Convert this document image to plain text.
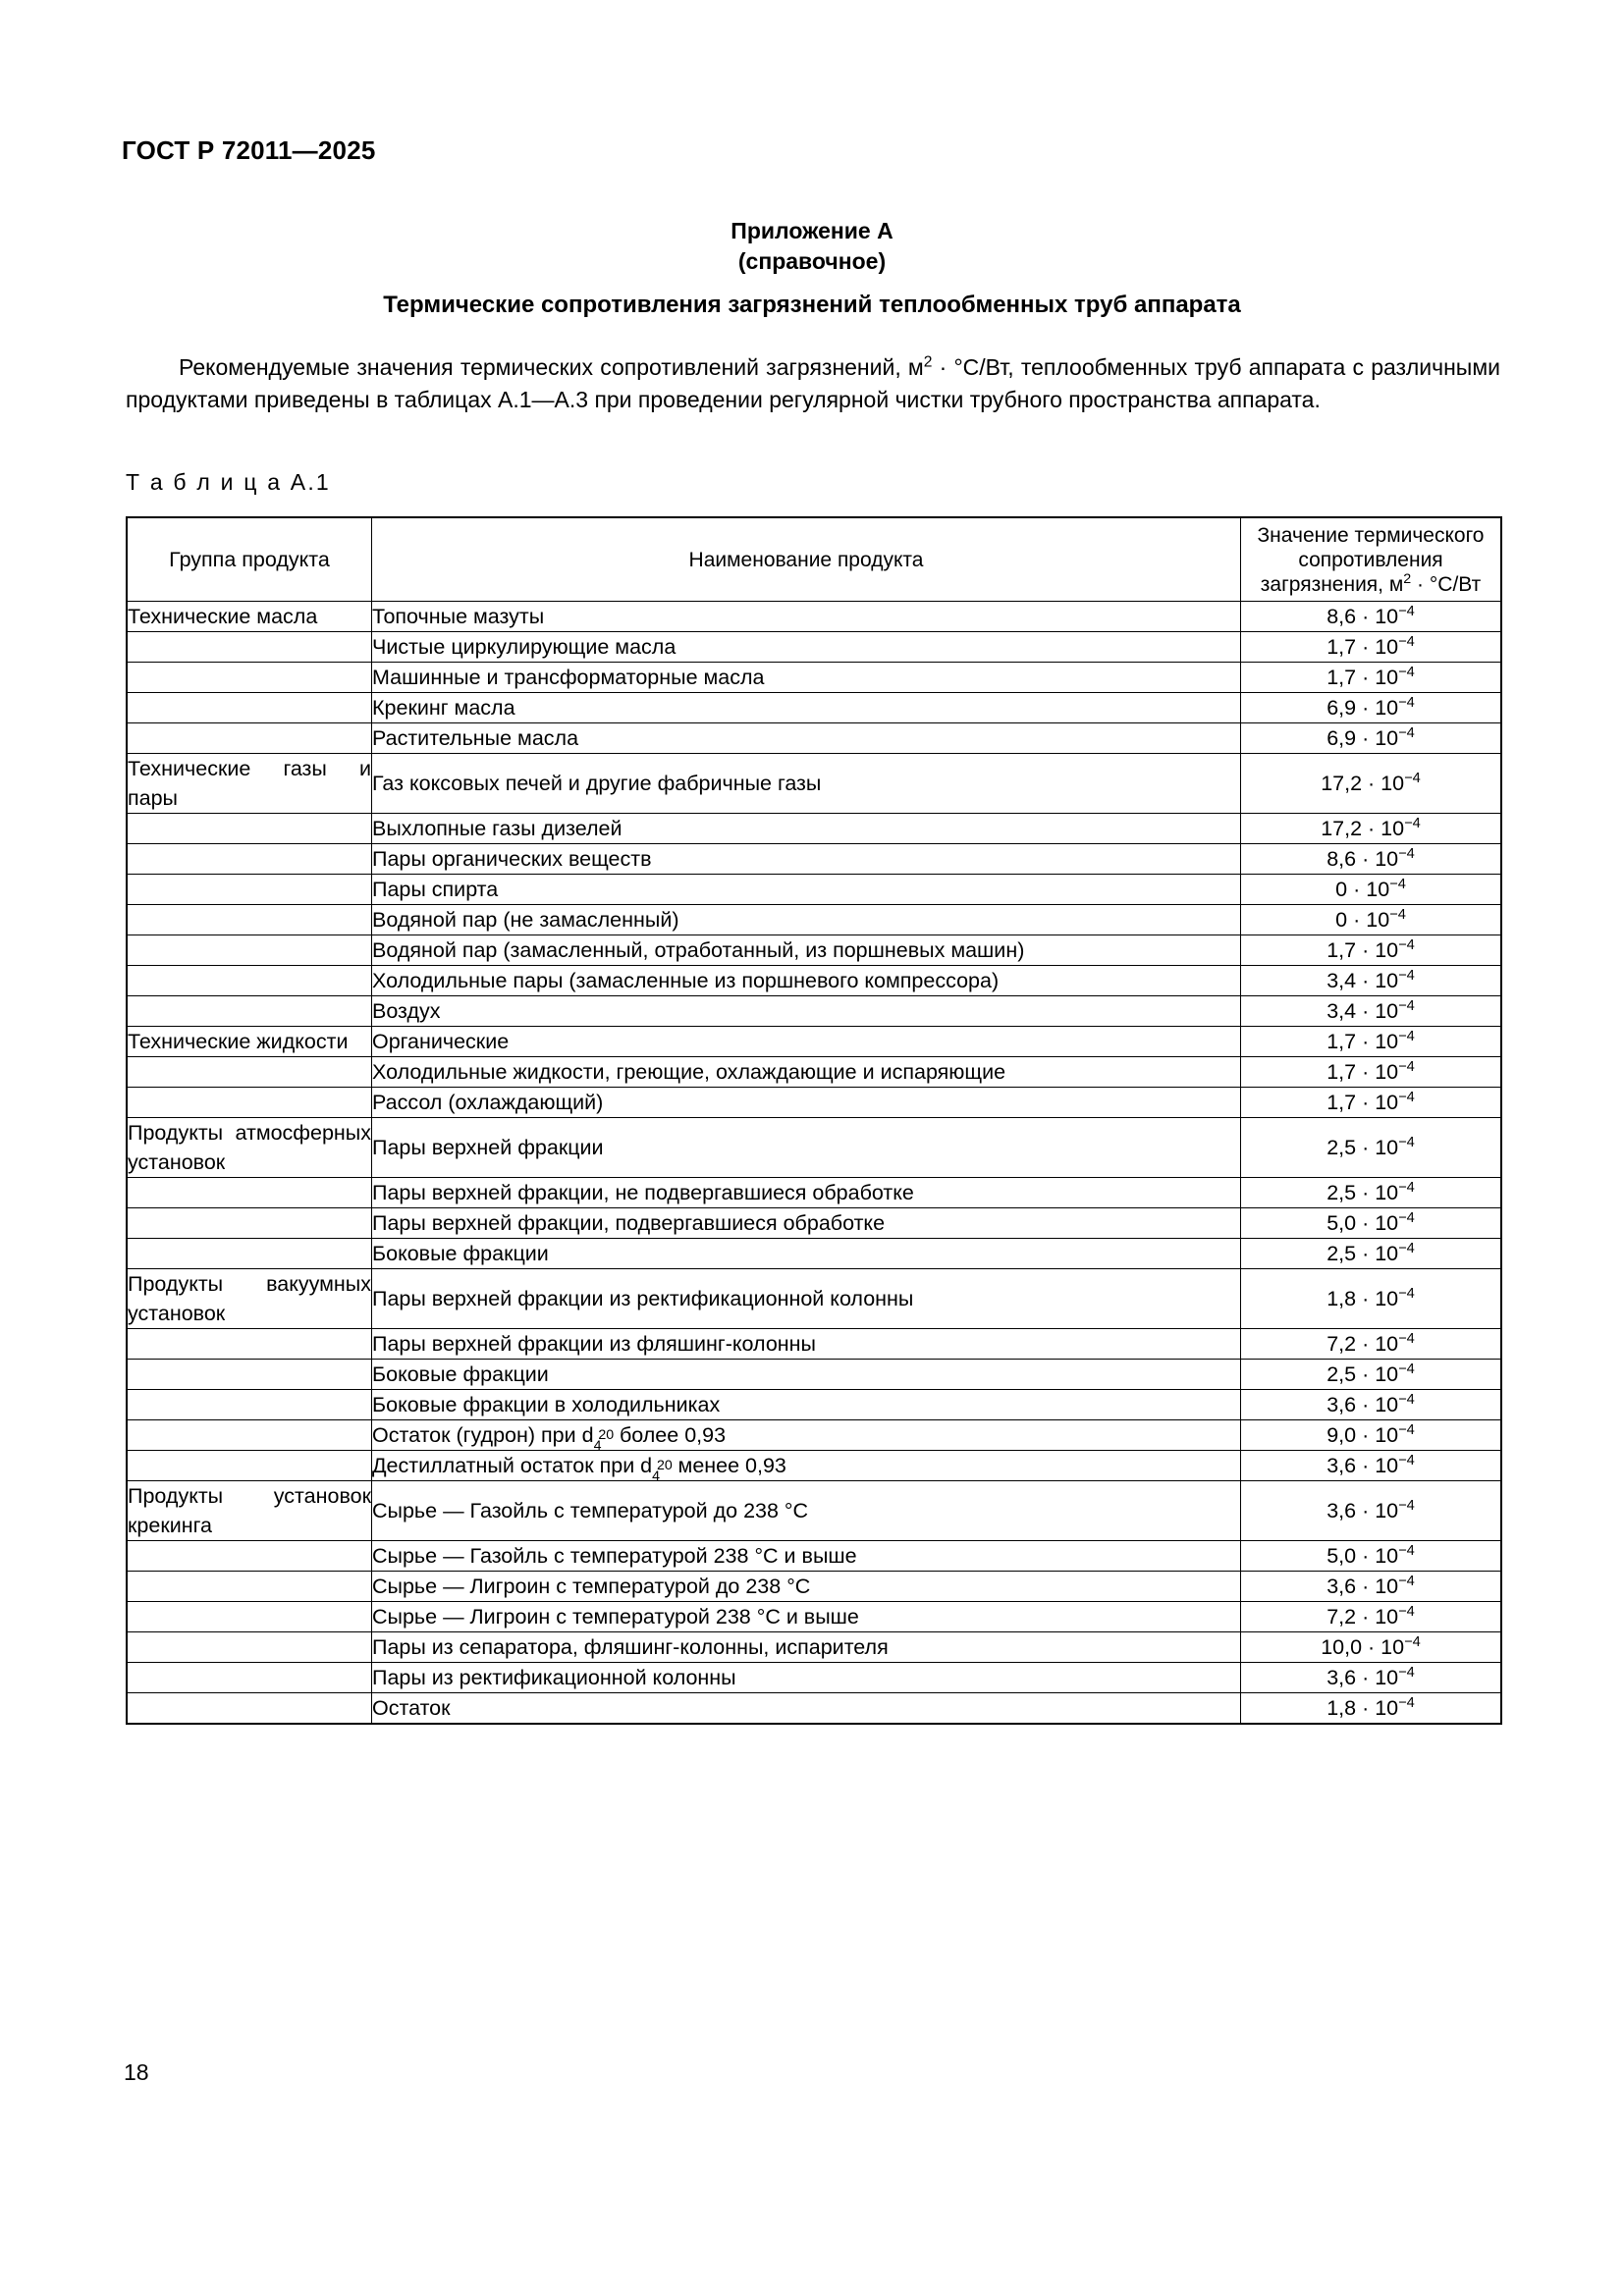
ГОСТ Р 72011—2025
Приложение А
(справочное)
Термические сопротивления загрязнений теплообменных труб аппарата
Рекомендуемые значения термических сопротивлений загрязнений, $м^2 \cdot ^\circ С/Вт$, теплообменных труб аппарата с различными продуктами приведены в таблицах А.1—А.3 при проведении регулярной чистки трубного пространства аппарата.
Т а б л и ц а А.1
Группа продукта	Наименование продукта	Значение термического
сопротивления
загрязнения, $м^2 \cdot ^\circ С/Вт$
Технические масла	Топочные мазуты	$8,6 \cdot 10^{-4}$
	Чистые циркулирующие масла	$1,7 \cdot 10^{-4}$
	Машинные и трансформаторные масла	$1,7 \cdot 10^{-4}$
	Крекинг масла	$6,9 \cdot 10^{-4}$
	Растительные масла	$6,9 \cdot 10^{-4}$
Технические газы и пары	Газ коксовых печей и другие фабричные газы	$17,2 \cdot 10^{-4}$
	Выхлопные газы дизелей	$17,2 \cdot 10^{-4}$
	Пары органических веществ	$8,6 \cdot 10^{-4}$
	Пары спирта	$0 \cdot 10^{-4}$
	Водяной пар (не замасленный)	$0 \cdot 10^{-4}$
	Водяной пар (замасленный, отработанный, из поршневых машин)	$1,7 \cdot 10^{-4}$
	Холодильные пары (замасленные из поршневого компрессора)	$3,4 \cdot 10^{-4}$
	Воздух	$3,4 \cdot 10^{-4}$
Технические жидкости	Органические	$1,7 \cdot 10^{-4}$
	Холодильные жидкости, греющие, охлаждающие и испаряющие	$1,7 \cdot 10^{-4}$
	Рассол (охлаждающий)	$1,7 \cdot 10^{-4}$
Продукты атмосферных установок	Пары верхней фракции	$2,5 \cdot 10^{-4}$
	Пары верхней фракции, не подвергавшиеся обработке	$2,5 \cdot 10^{-4}$
	Пары верхней фракции, подвергавшиеся обработке	$5,0 \cdot 10^{-4}$
	Боковые фракции	$2,5 \cdot 10^{-4}$
Продукты вакуумных установок	Пары верхней фракции из ректификационной колонны	$1,8 \cdot 10^{-4}$
	Пары верхней фракции из фляшинг-колонны	$7,2 \cdot 10^{-4}$
	Боковые фракции	$2,5 \cdot 10^{-4}$
	Боковые фракции в холодильниках	$3,6 \cdot 10^{-4}$
	Остаток (гудрон) при d 4
20 более 0,93	$9,0 \cdot 10^{-4}$
	Дестиллатный остаток при d 4
20 менее 0,93	$3,6 \cdot 10^{-4}$
Продукты установок крекинга	Сырье — Газойль с температурой до 238 °С	$3,6 \cdot 10^{-4}$
	Сырье — Газойль с температурой 238 °С и выше	$5,0 \cdot 10^{-4}$
	Сырье — Лигроин с температурой до 238 °С	$3,6 \cdot 10^{-4}$
	Сырье — Лигроин с температурой 238 °С и выше	$7,2 \cdot 10^{-4}$
	Пары из сепаратора, фляшинг-колонны, испарителя	$10,0 \cdot 10^{-4}$
	Пары из ректификационной колонны	$3,6 \cdot 10^{-4}$
	Остаток	$1,8 \cdot 10^{-4}$
18
